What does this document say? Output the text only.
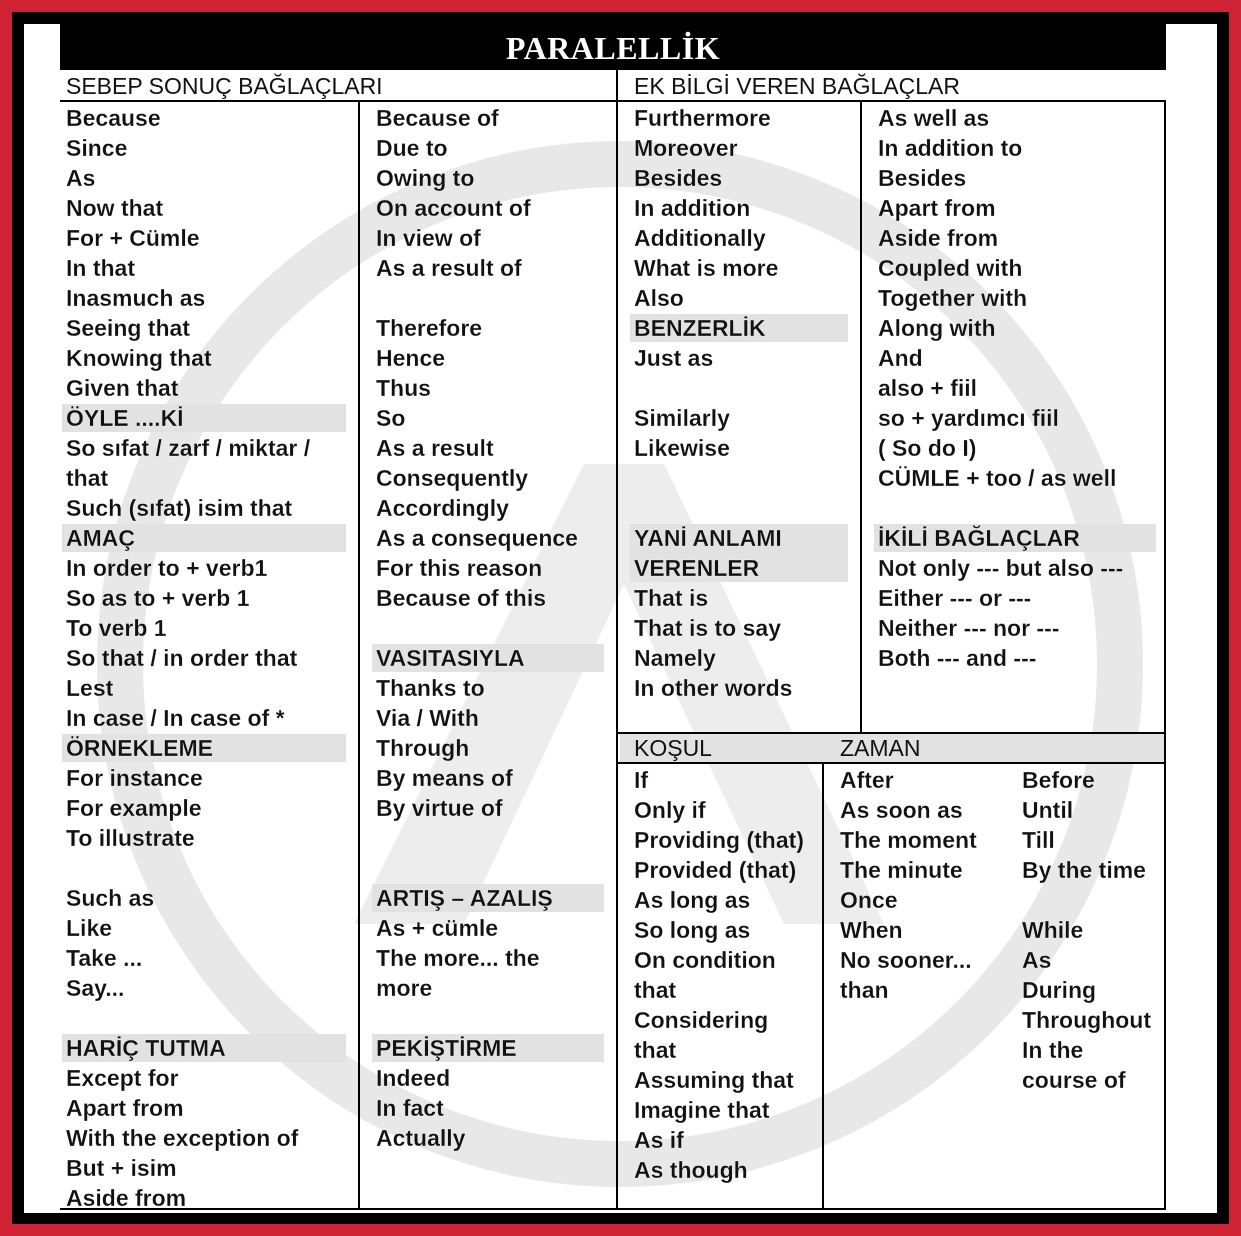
PARALELLİK
SEBEP SONUÇ BAĞLAÇLARI	EK BİLGİ VEREN BAĞLAÇLAR
KOŞUL	ZAMAN
Because
Since
As
Now that
For + Cümle
In that
Inasmuch as
Seeing that
Knowing that
Given that
ÖYLE ....Kİ
So sıfat / zarf / miktar /
that
Such (sıfat) isim that
AMAÇ
In order to + verb1
So as to + verb 1
To verb 1
So that / in order that
Lest
In case / In case of *
ÖRNEKLEME
For instance
For example
To illustrate

Such as
Like
Take ...
Say...

HARİÇ TUTMA
Except for
Apart from
With the exception of
But + isim
Aside from
Because of
Due to
Owing to
On account of
In view of
As a result of

Therefore
Hence
Thus
So
As a result
Consequently
Accordingly
As a consequence
For this reason
Because of this

VASITASIYLA
Thanks to
Via / With
Through
By means of
By virtue of

ARTIŞ – AZALIŞ
As + cümle
The more... the
more

PEKİŞTİRME
Indeed
In fact
Actually
Furthermore
Moreover
Besides
In addition
Additionally
What is more
Also
BENZERLİK
Just as

Similarly
Likewise

YANİ ANLAMI
VERENLER
That is
That is to say
Namely
In other words
As well as
In addition to
Besides
Apart from
Aside from
Coupled with
Together with
Along with
And
also + fiil
so + yardımcı fiil
( So do I)
CÜMLE + too / as well

İKİLİ BAĞLAÇLAR
Not only --- but also ---
Either --- or ---
Neither --- nor ---
Both --- and ---
If
Only if
Providing (that)
Provided (that)
As long as
So long as
On condition
that
Considering
that
Assuming that
Imagine that
As if
As though
After
As soon as
The moment
The minute
Once
When
No sooner...
than
Before
Until
Till
By the time

While
As
During
Throughout
In the
course of
